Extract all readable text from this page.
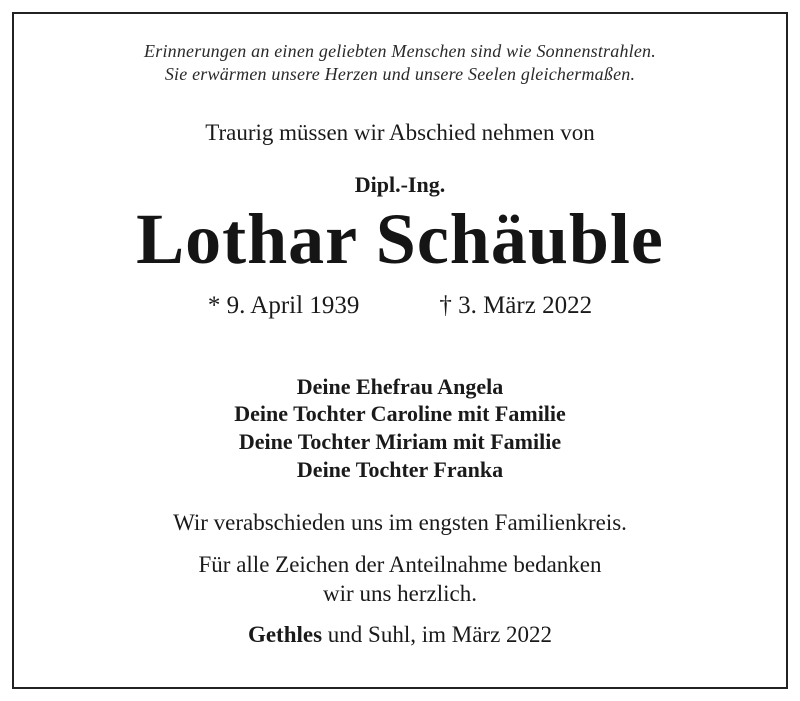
Erinnerungen an einen geliebten Menschen sind wie Sonnenstrahlen.
Sie erwärmen unsere Herzen und unsere Seelen gleichermaßen.
Traurig müssen wir Abschied nehmen von
Dipl.-Ing.
Lothar Schäuble
* 9. April 1939	† 3. März 2022
Deine Ehefrau Angela
Deine Tochter Caroline mit Familie
Deine Tochter Miriam mit Familie
Deine Tochter Franka
Wir verabschieden uns im engsten Familienkreis.
Für alle Zeichen der Anteilnahme bedanken
wir uns herzlich.
Gethles und Suhl, im März 2022
